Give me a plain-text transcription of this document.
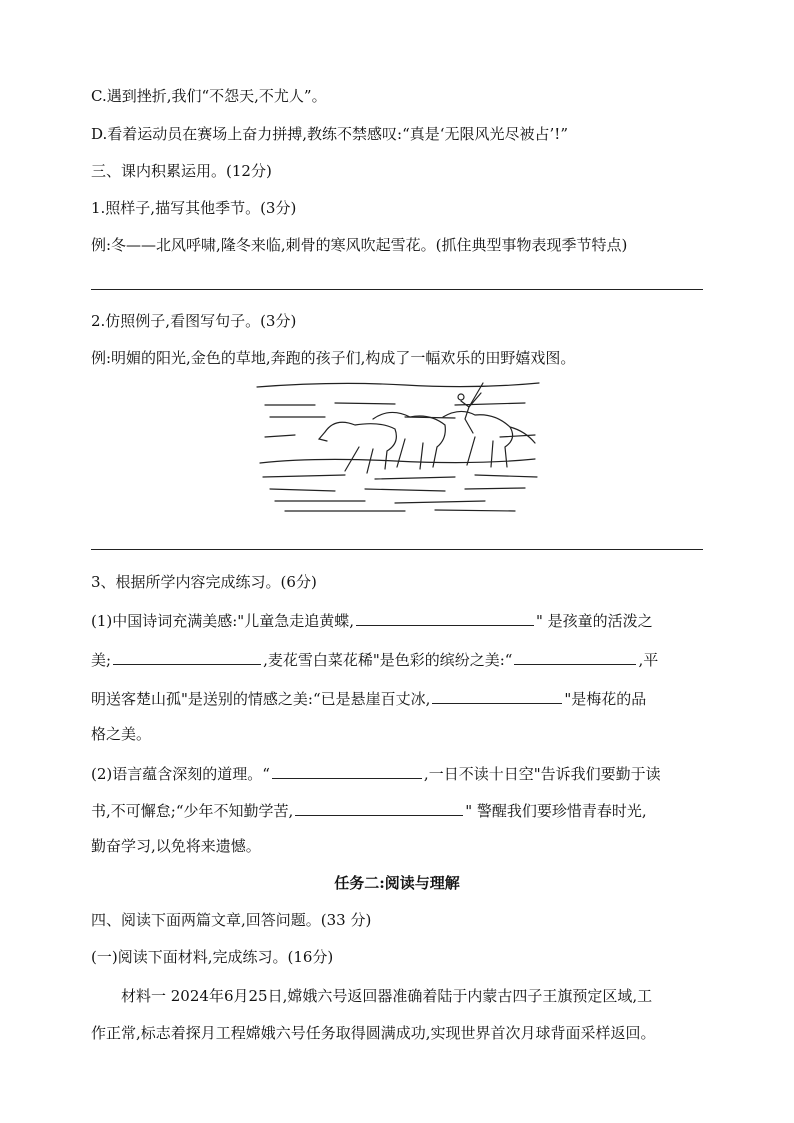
C.遇到挫折,我们“不怨天,不尤人”。
D.看着运动员在赛场上奋力拼搏,教练不禁感叹:“真是‘无限风光尽被占’!”
三、课内积累运用。(12分)
1.照样子,描写其他季节。(3分)
例:冬——北风呼啸,隆冬来临,刺骨的寒风吹起雪花。(抓住典型事物表现季节特点)
2.仿照例子,看图写句子。(3分)
例:明媚的阳光,金色的草地,奔跑的孩子们,构成了一幅欢乐的田野嬉戏图。
3、根据所学内容完成练习。(6分)
(1)中国诗词充满美感:"儿童急走追黄蝶,	" 是孩童的活泼之
美;	,麦花雪白菜花稀"是色彩的缤纷之美:“	,平
明送客楚山孤"是送别的情感之美:“已是悬崖百丈冰,	"是梅花的品
格之美。
(2)语言蕴含深刻的道理。“	,一日不读十日空"告诉我们要勤于读
书,不可懈怠;“少年不知勤学苦,	" 警醒我们要珍惜青春时光,
勤奋学习,以免将来遗憾。
任务二:阅读与理解
四、阅读下面两篇文章,回答问题。(33 分)
(一)阅读下面材料,完成练习。(16分)
材料一 2024年6月25日,嫦娥六号返回器准确着陆于内蒙古四子王旗预定区域,工
作正常,标志着探月工程嫦娥六号任务取得圆满成功,实现世界首次月球背面采样返回。
